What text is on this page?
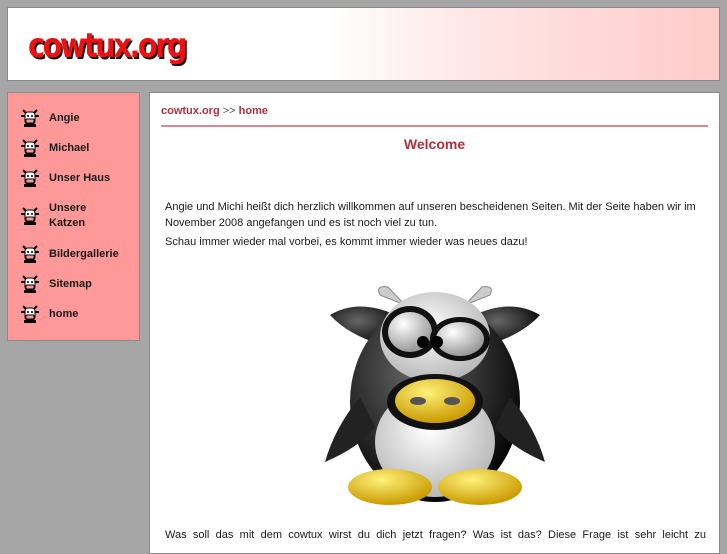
cowtux.org
Angie
Michael
Unser Haus
Unsere Katzen
Bildergallerie
Sitemap
home
cowtux.org >> home
Welcome
Angie und Michi heißt dich herzlich willkommen auf unseren bescheidenen Seiten. Mit der Seite haben wir im November 2008 angefangen und es ist noch viel zu tun.
Schau immer wieder mal vorbei, es kommt immer wieder was neues dazu!
Was soll das mit dem cowtux wirst du dich jetzt fragen? Was ist das? Diese Frage ist sehr leicht zu
